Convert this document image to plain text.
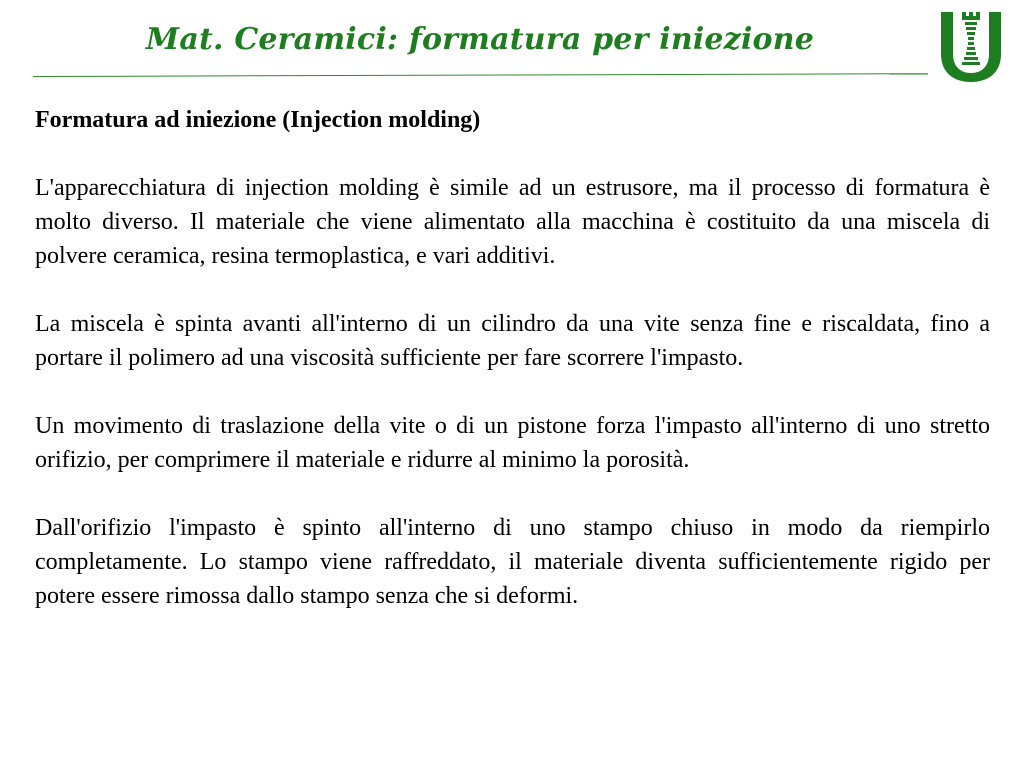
Mat. Ceramici: formatura per iniezione
Formatura ad iniezione (Injection molding)

L'apparecchiatura di injection molding è simile ad un estrusore, ma il processo di formatura è molto diverso. Il materiale che viene alimentato alla macchina è costituito da una miscela di polvere ceramica, resina termoplastica, e vari additivi.

La miscela è spinta avanti all'interno di un cilindro da una vite senza fine e riscaldata, fino a portare il polimero ad una viscosità sufficiente per fare scorrere l'impasto.

Un movimento di traslazione della vite o di un pistone forza l'impasto all'interno di uno stretto orifizio, per comprimere il materiale e ridurre al minimo la porosità.

Dall'orifizio l'impasto è spinto all'interno di uno stampo chiuso in modo da riempirlo completamente. Lo stampo viene raffreddato, il materiale diventa sufficientemente rigido per potere essere rimossa dallo stampo senza che si deformi.
